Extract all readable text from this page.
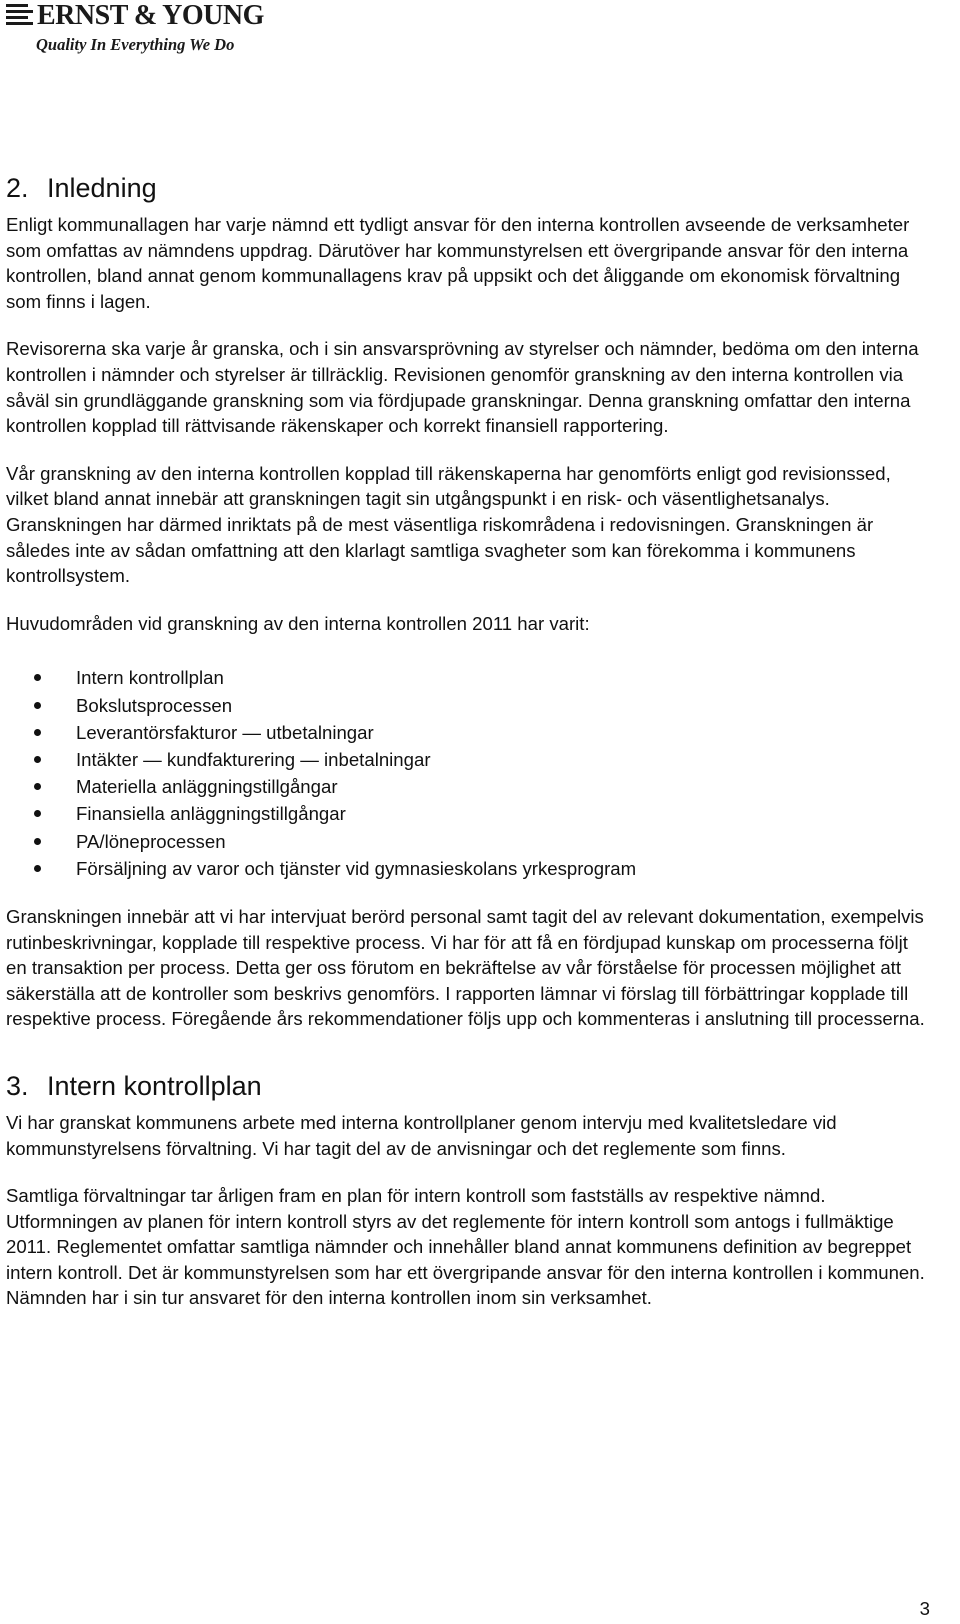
ERNST & YOUNG
Quality In Everything We Do
2. Inledning

Enligt kommunallagen har varje nämnd ett tydligt ansvar för den interna kontrollen avseende de verksamheter som omfattas av nämndens uppdrag. Därutöver har kommunstyrelsen ett övergripande ansvar för den interna kontrollen, bland annat genom kommunallagens krav på uppsikt och det åliggande om ekonomisk förvaltning som finns i lagen.

Revisorerna ska varje år granska, och i sin ansvarsprövning av styrelser och nämnder, bedöma om den interna kontrollen i nämnder och styrelser är tillräcklig. Revisionen genomför granskning av den interna kontrollen via såväl sin grundläggande granskning som via fördjupade granskningar. Denna granskning omfattar den interna kontrollen kopplad till rättvisande räkenskaper och korrekt finansiell rapportering.

Vår granskning av den interna kontrollen kopplad till räkenskaperna har genomförts enligt god revisionssed, vilket bland annat innebär att granskningen tagit sin utgångspunkt i en risk- och väsentlighetsanalys. Granskningen har därmed inriktats på de mest väsentliga riskområdena i redovisningen. Granskningen är således inte av sådan omfattning att den klarlagt samtliga svagheter som kan förekomma i kommunens kontrollsystem.

Huvudområden vid granskning av den interna kontrollen 2011 har varit:

Intern kontrollplan
Bokslutsprocessen
Leverantörsfakturor — utbetalningar
Intäkter — kundfakturering — inbetalningar
Materiella anläggningstillgångar
Finansiella anläggningstillgångar
PA/löneprocessen
Försäljning av varor och tjänster vid gymnasieskolans yrkesprogram

Granskningen innebär att vi har intervjuat berörd personal samt tagit del av relevant dokumentation, exempelvis rutinbeskrivningar, kopplade till respektive process. Vi har för att få en fördjupad kunskap om processerna följt en transaktion per process. Detta ger oss förutom en bekräftelse av vår förståelse för processen möjlighet att säkerställa att de kontroller som beskrivs genomförs. I rapporten lämnar vi förslag till förbättringar kopplade till respektive process. Föregående års rekommendationer följs upp och kommenteras i anslutning till processerna.

3. Intern kontrollplan

Vi har granskat kommunens arbete med interna kontrollplaner genom intervju med kvalitetsledare vid kommunstyrelsens förvaltning. Vi har tagit del av de anvisningar och det reglemente som finns.

Samtliga förvaltningar tar årligen fram en plan för intern kontroll som fastställs av respektive nämnd. Utformningen av planen för intern kontroll styrs av det reglemente för intern kontroll som antogs i fullmäktige 2011. Reglementet omfattar samtliga nämnder och innehåller bland annat kommunens definition av begreppet intern kontroll. Det är kommunstyrelsen som har ett övergripande ansvar för den interna kontrollen i kommunen. Nämnden har i sin tur ansvaret för den interna kontrollen inom sin verksamhet.

3
